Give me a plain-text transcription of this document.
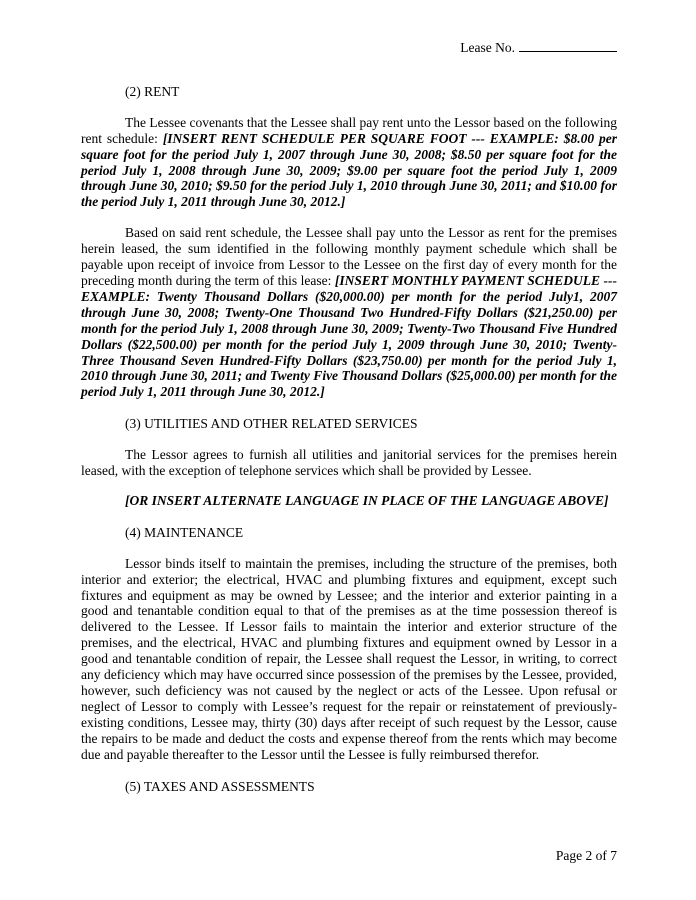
Lease No.
(2) RENT

The Lessee covenants that the Lessee shall pay rent unto the Lessor based on the following rent schedule: [INSERT RENT SCHEDULE PER SQUARE FOOT --- EXAMPLE: $8.00 per square foot for the period July 1, 2007 through June 30, 2008; $8.50 per square foot for the period July 1, 2008 through June 30, 2009; $9.00 per square foot the period July 1, 2009 through June 30, 2010; $9.50 for the period July 1, 2010 through June 30, 2011; and $10.00 for the period July 1, 2011 through June 30, 2012.]

Based on said rent schedule, the Lessee shall pay unto the Lessor as rent for the premises herein leased, the sum identified in the following monthly payment schedule which shall be payable upon receipt of invoice from Lessor to the Lessee on the first day of every month for the preceding month during the term of this lease: [INSERT MONTHLY PAYMENT SCHEDULE --- EXAMPLE: Twenty Thousand Dollars ($20,000.00) per month for the period July1, 2007 through June 30, 2008; Twenty-One Thousand Two Hundred-Fifty Dollars ($21,250.00) per month for the period July 1, 2008 through June 30, 2009; Twenty-Two Thousand Five Hundred Dollars ($22,500.00) per month for the period July 1, 2009 through June 30, 2010; Twenty-Three Thousand Seven Hundred-Fifty Dollars ($23,750.00) per month for the period July 1, 2010 through June 30, 2011; and Twenty Five Thousand Dollars ($25,000.00) per month for the period July 1, 2011 through June 30, 2012.]

(3) UTILITIES AND OTHER RELATED SERVICES

The Lessor agrees to furnish all utilities and janitorial services for the premises herein leased, with the exception of telephone services which shall be provided by Lessee.

[OR INSERT ALTERNATE LANGUAGE IN PLACE OF THE LANGUAGE ABOVE]

(4) MAINTENANCE

Lessor binds itself to maintain the premises, including the structure of the premises, both interior and exterior; the electrical, HVAC and plumbing fixtures and equipment, except such fixtures and equipment as may be owned by Lessee; and the interior and exterior painting in a good and tenantable condition equal to that of the premises as at the time possession thereof is delivered to the Lessee. If Lessor fails to maintain the interior and exterior structure of the premises, and the electrical, HVAC and plumbing fixtures and equipment owned by Lessor in a good and tenantable condition of repair, the Lessee shall request the Lessor, in writing, to correct any deficiency which may have occurred since possession of the premises by the Lessee, provided, however, such deficiency was not caused by the neglect or acts of the Lessee. Upon refusal or neglect of Lessor to comply with Lessee’s request for the repair or reinstatement of previously-existing conditions, Lessee may, thirty (30) days after receipt of such request by the Lessor, cause the repairs to be made and deduct the costs and expense thereof from the rents which may become due and payable thereafter to the Lessor until the Lessee is fully reimbursed therefor.

(5) TAXES AND ASSESSMENTS
Page 2 of 7
